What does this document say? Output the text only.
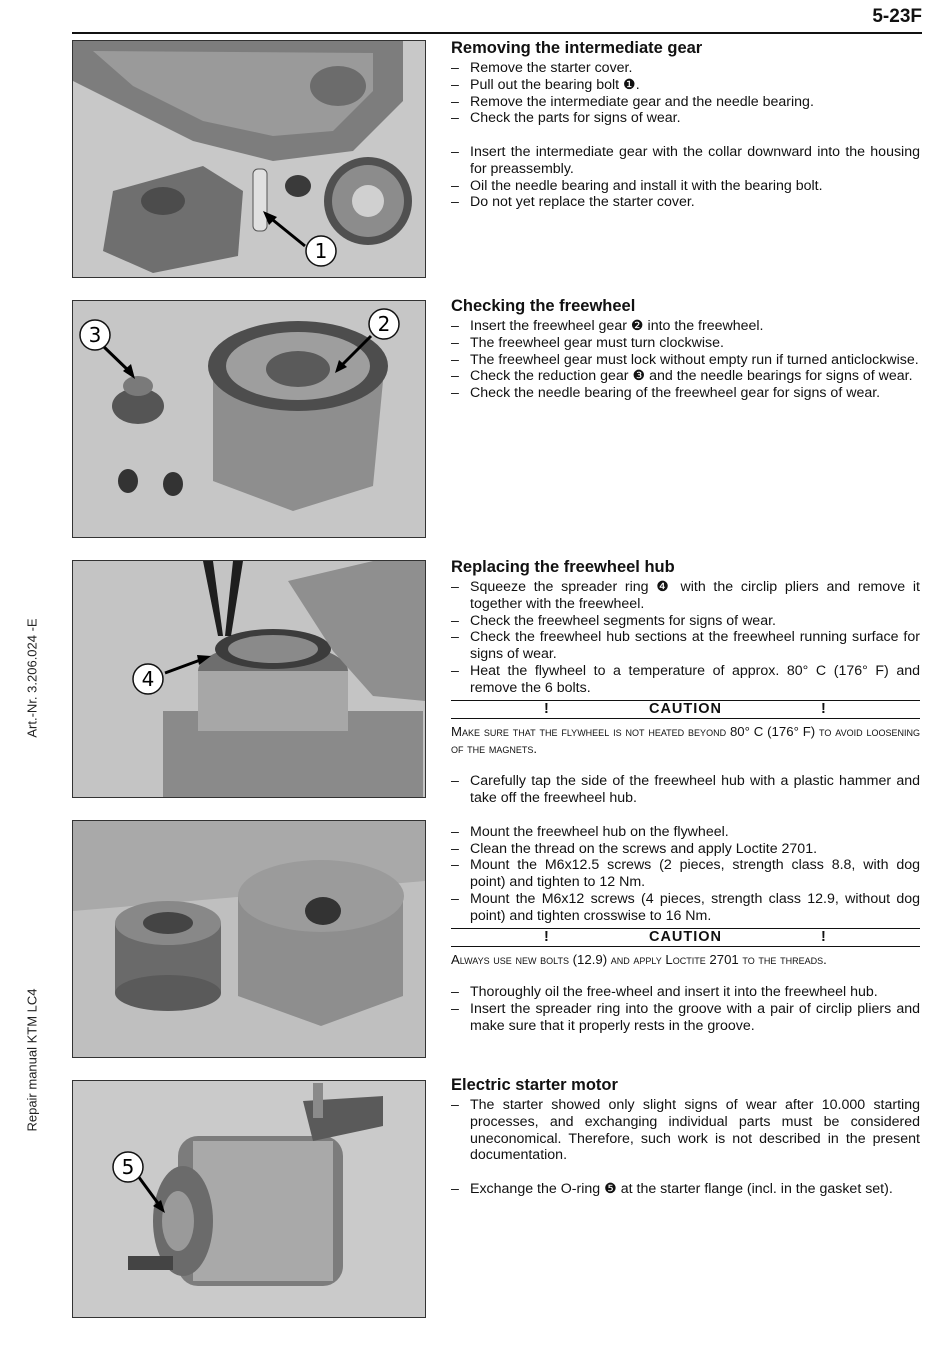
5-23F
Art.-Nr. 3.206.024 -E
Repair manual KTM LC4
1
3	2
4
5
Removing the intermediate gear
– Remove the starter cover.
– Pull out the bearing bolt ❶.
– Remove the intermediate gear and the needle bearing.
– Check the parts for signs of wear.
– Insert the intermediate gear with the collar downward into the housing for preassembly.
– Oil the needle bearing and install it with the bearing bolt.
– Do not yet replace the starter cover.
Checking the freewheel
– Insert the freewheel gear ❷ into the freewheel.
– The freewheel gear must turn clockwise.
– The freewheel gear must lock without empty run if turned anticlockwise.
– Check the reduction gear ❸ and the needle bearings for signs of wear.
– Check the needle bearing of the freewheel gear for signs of wear.
Replacing the freewheel hub
– Squeeze the spreader ring ❹ with the circlip pliers and remove it together with the freewheel.
– Check the freewheel segments for signs of wear.
– Check the freewheel hub sections at the freewheel running surface for signs of wear.
– Heat the flywheel to a temperature of approx. 80° C (176° F) and remove the 6 bolts.
!	CAUTION	!
Make sure that the flywheel is not heated beyond 80° C (176° F) to avoid loosening of the magnets.
– Carefully tap the side of the freewheel hub with a plastic hammer and take off the freewheel hub.
– Mount the freewheel hub on the flywheel.
– Clean the thread on the screws and apply Loctite 2701.
– Mount the M6x12.5 screws (2 pieces, strength class 8.8, with dog point) and tighten to 12 Nm.
– Mount the M6x12 screws (4 pieces, strength class 12.9, without dog point) and tighten crosswise to 16 Nm.
!	CAUTION	!
Always use new bolts (12.9) and apply Loctite 2701 to the threads.
– Thoroughly oil the free-wheel and insert it into the freewheel hub.
– Insert the spreader ring into the groove with a pair of circlip pliers and make sure that it properly rests in the groove.
Electric starter motor
– The starter showed only slight signs of wear after 10.000 starting processes, and exchanging individual parts must be considered uneconomical. Therefore, such work is not described in the present documentation.
– Exchange the O-ring ❺ at the starter flange (incl. in the gasket set).
